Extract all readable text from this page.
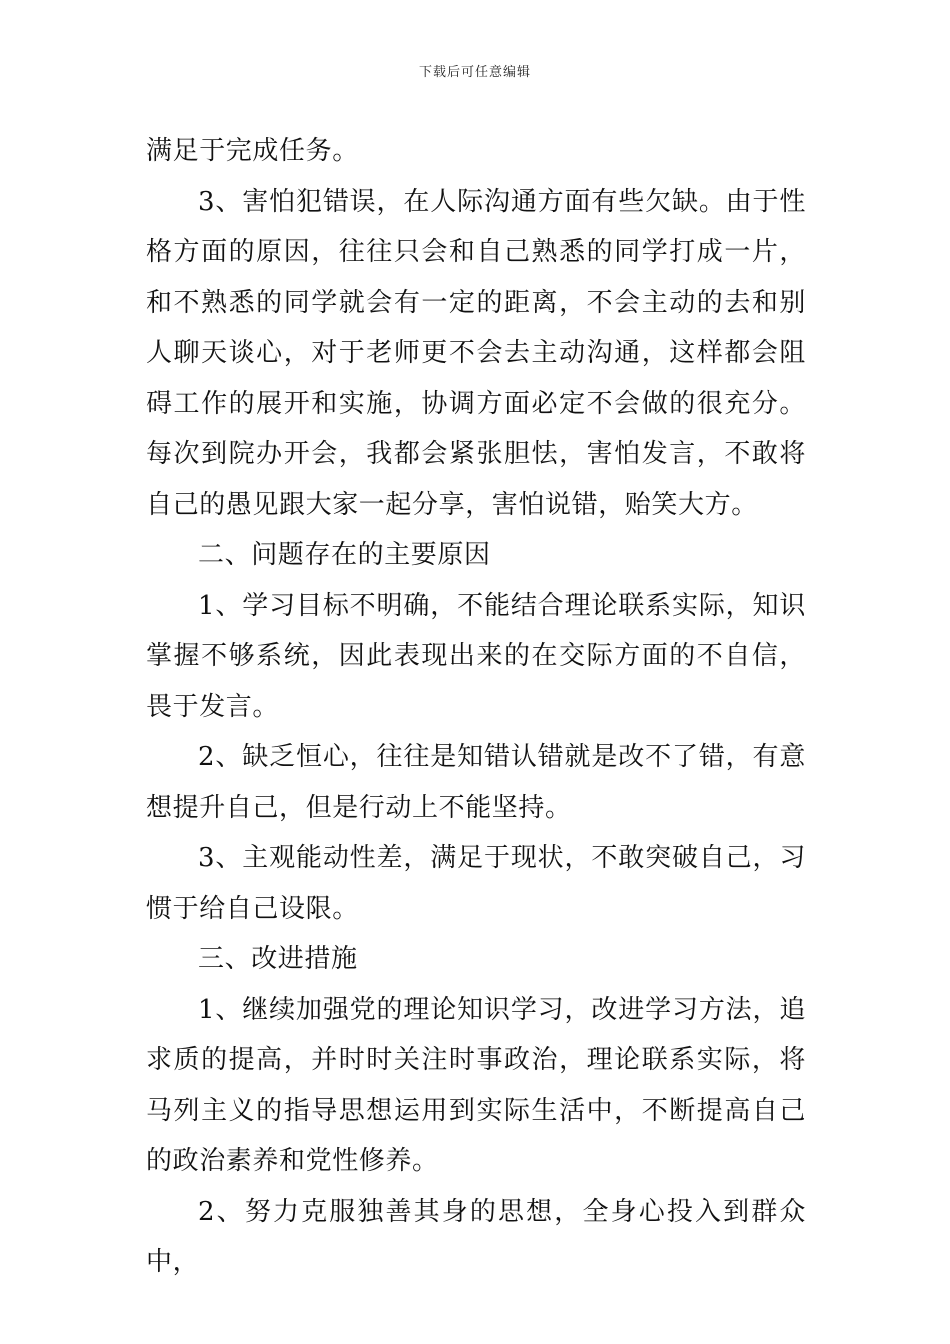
下载后可任意编辑

满足于完成任务。

3、害怕犯错误，在人际沟通方面有些欠缺。由于性格方面的原因，往往只会和自己熟悉的同学打成一片，和不熟悉的同学就会有一定的距离，不会主动的去和别人聊天谈心，对于老师更不会去主动沟通，这样都会阻碍工作的展开和实施，协调方面必定不会做的很充分。每次到院办开会，我都会紧张胆怯，害怕发言，不敢将自己的愚见跟大家一起分享，害怕说错，贻笑大方。

二、问题存在的主要原因

1、学习目标不明确，不能结合理论联系实际，知识掌握不够系统，因此表现出来的在交际方面的不自信，畏于发言。

2、缺乏恒心，往往是知错认错就是改不了错，有意想提升自己，但是行动上不能坚持。

3、主观能动性差，满足于现状，不敢突破自己，习惯于给自己设限。

三、改进措施

1、继续加强党的理论知识学习，改进学习方法，追求质的提高，并时时关注时事政治，理论联系实际，将马列主义的指导思想运用到实际生活中，不断提高自己的政治素养和党性修养。

2、努力克服独善其身的思想，全身心投入到群众中，
